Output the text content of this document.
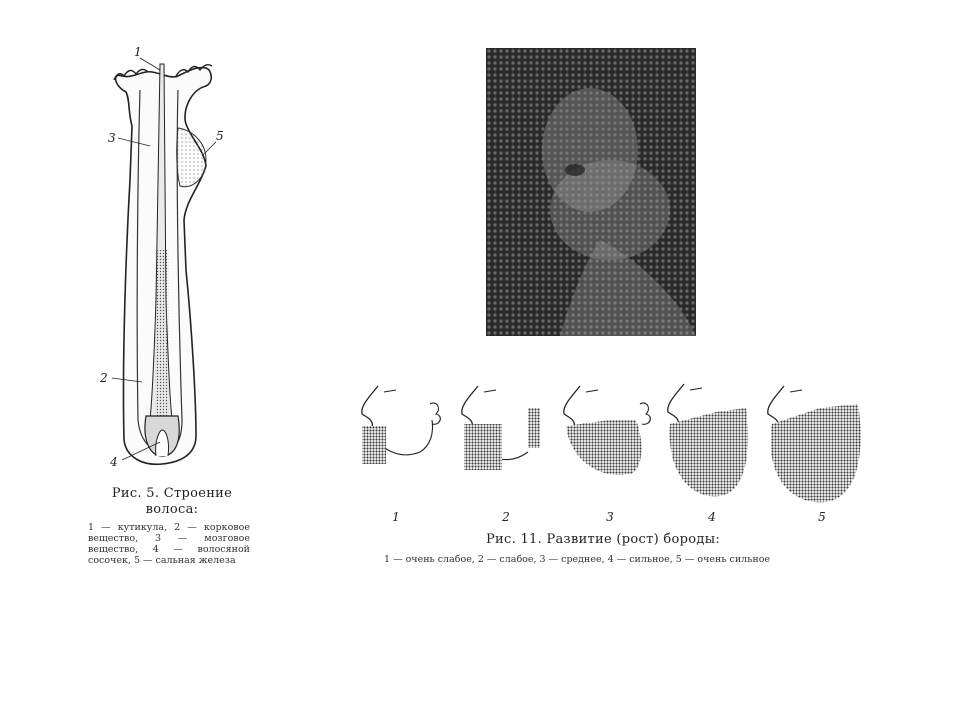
1
3	5
2
4
Рис. 5. Строение волоса:
1 — кутикула, 2 — корковое вещество, 3 — мозговое вещество, 4 — волосяной сосочек, 5 — сальная железа
1	2	3	4	5
Рис. 11. Развитие (рост) бороды:
1 — очень слабое, 2 — слабое, 3 — среднее, 4 — сильное, 5 — очень сильное
